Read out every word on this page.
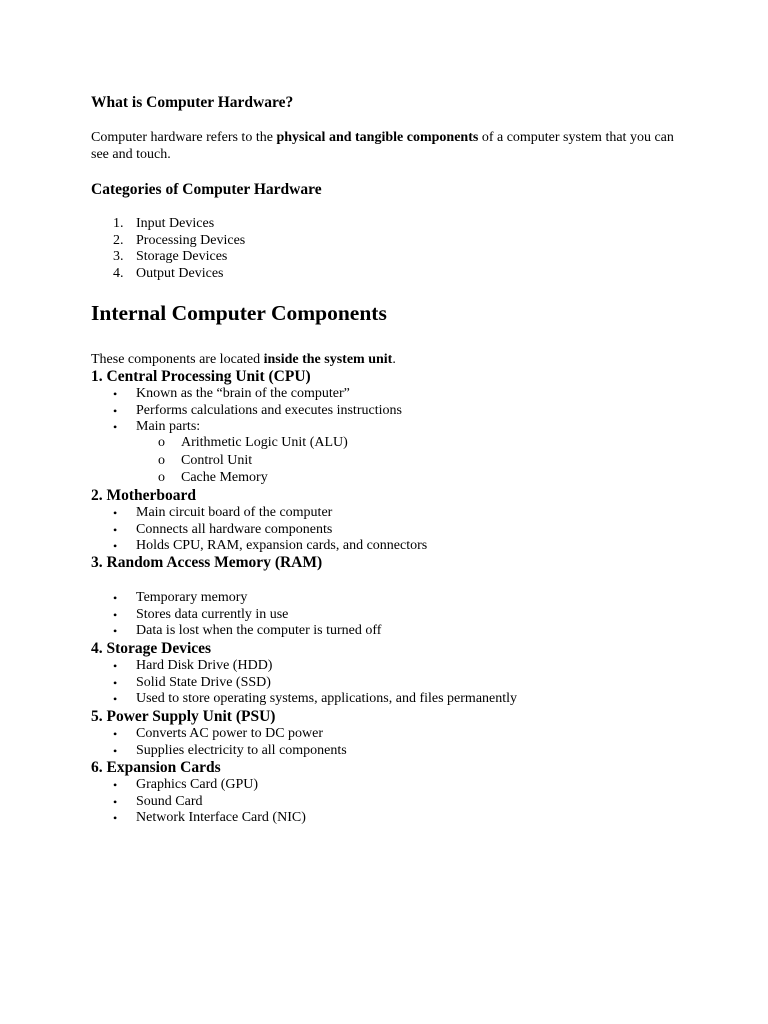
What is Computer Hardware?
Computer hardware refers to the physical and tangible components of a computer system that you can see and touch.
Categories of Computer Hardware
1. Input Devices
2. Processing Devices
3. Storage Devices
4. Output Devices
Internal Computer Components
These components are located inside the system unit.
1. Central Processing Unit (CPU)
• Known as the “brain of the computer”
• Performs calculations and executes instructions
• Main parts:
o Arithmetic Logic Unit (ALU)
o Control Unit
o Cache Memory
2. Motherboard
• Main circuit board of the computer
• Connects all hardware components
• Holds CPU, RAM, expansion cards, and connectors
3. Random Access Memory (RAM)
• Temporary memory
• Stores data currently in use
• Data is lost when the computer is turned off
4. Storage Devices
• Hard Disk Drive (HDD)
• Solid State Drive (SSD)
• Used to store operating systems, applications, and files permanently
5. Power Supply Unit (PSU)
• Converts AC power to DC power
• Supplies electricity to all components
6. Expansion Cards
• Graphics Card (GPU)
• Sound Card
• Network Interface Card (NIC)
